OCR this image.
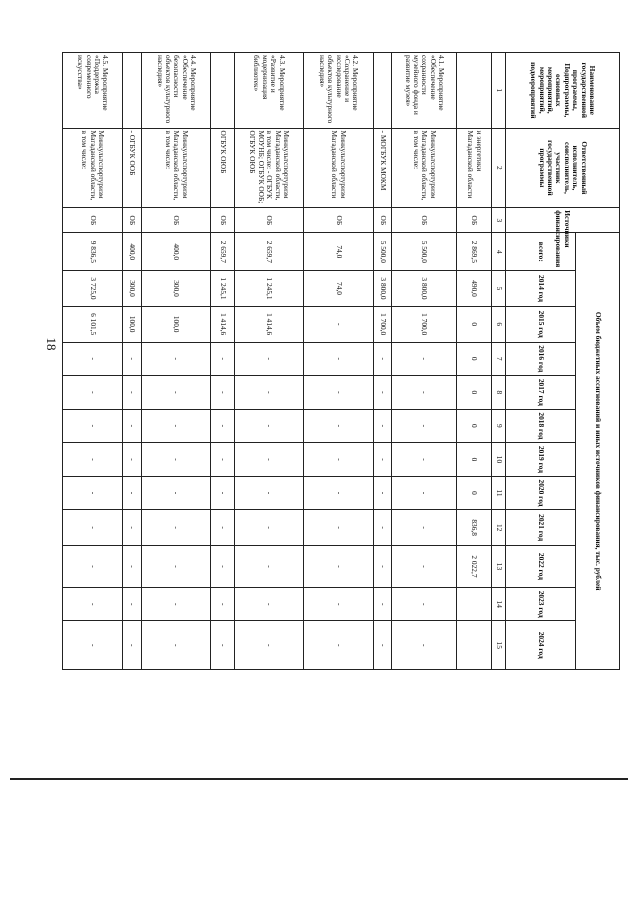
Наименование государственной программы, Подпрограммы, основных мероприятий, мероприятий, подмероприятий	Ответственный исполнитель, соисполнитель, участник государственной программы	Источники финансирования	Объем бюджетных ассигнований и иных источников финансирования, тыс. рублей											
			всего:	2014 год	2015 год	2016 год	2017 год	2018 год	2019 год	2020 год	2021 год	2022 год	2023 год	2024 год
1	2	3	4	5	6	7	8	9	10	11	12	13	14	15
	и энергетики Магаданской области	ОБ	2 869,5	490,0	0	0	0	0	0	0	836,8	2 022,7		
4.1. Мероприятие «Обеспечение сохранности музейного фонда и развитие музея»	Минкультспортуризм Магаданской области, в том числе:	ОБ	5 500,0	3 800,0	1 700,0	-	-	-	-	-	-	-	-	-
	- МОГБУК МОКМ	ОБ	5 500,0	3 800,0	1 700,0	-	-	-	-	-	-	-	-	-
4.2. Мероприятие «Сохранение и исследование объектов культурного наследия»	Минкультспортуризм Магаданской области	ОБ	74,0	74,0	-	-	-	-	-	-	-	-	-	-
4.3. Мероприятие «Развитие и модернизация библиотек»	Минкультспортуризм Магаданской области, в том числе: - ОГБУК МОУНБ; ОГБУК ООБ; ОГБУК ОЮБ	ОБ	2 659,7	1 245,1	1 414,6	-	-	-	-	-	-	-	-	-
	ОГБУК ОЮБ	ОБ	2 659,7	1 245,1	1 414,6	-	-	-	-	-	-	-	-	-
4.4. Мероприятие «Обеспечение безопасности объектов культурного наследия»	Минкультспортуризм Магаданской области, в том числе:	ОБ	400,0	300,0	100,0	-	-	-	-	-	-	-	-	-
	- ОГБУК ООБ	ОБ	400,0	300,0	100,0	-	-	-	-	-	-	-	-	-
4.5. Мероприятие «Поддержка современного искусства»	Минкультспортуризм Магаданской области, в том числе:	ОБ	9 836,5	3 725,0	6 101,5	-	-	-	-	-	-	-	-	-
18
